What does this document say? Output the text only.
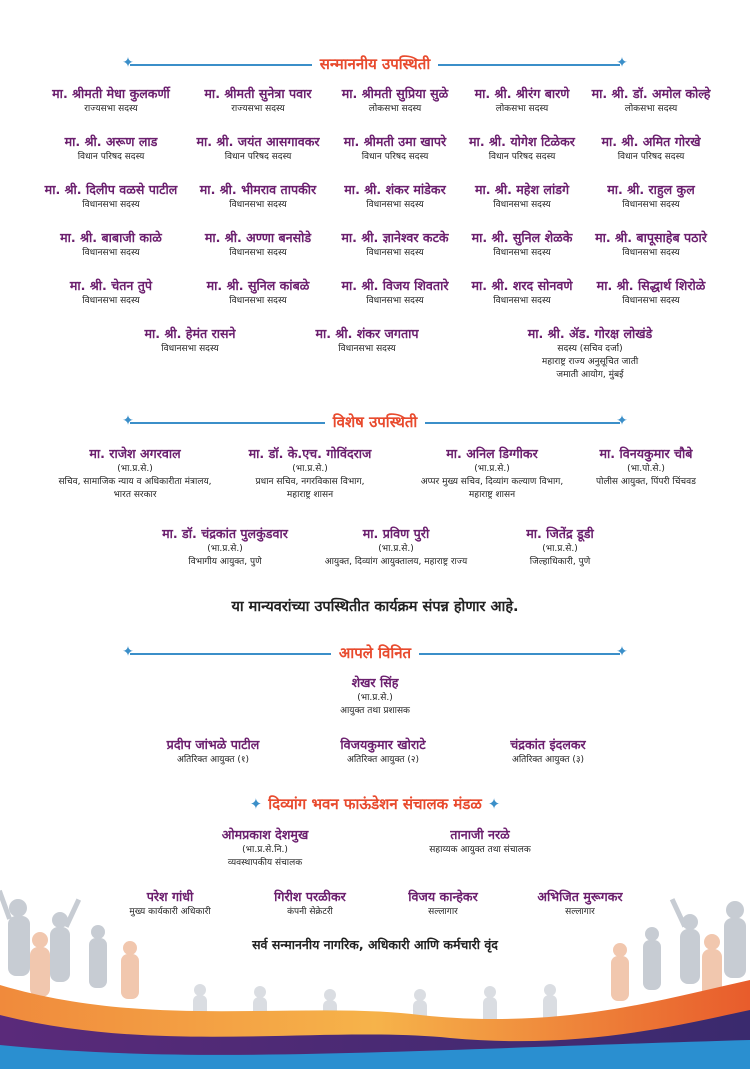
✦	✦
सन्माननीय उपस्थिती
✦	✦
विशेष उपस्थिती
✦	✦
आपले विनित
✦ दिव्यांग भवन फाऊंडेशन संचालक मंडळ ✦
मा. श्रीमती मेधा कुलकर्णी
राज्यसभा सदस्य
मा. श्रीमती सुनेत्रा पवार
राज्यसभा सदस्य
मा. श्रीमती सुप्रिया सुळे
लोकसभा सदस्य
मा. श्री. श्रीरंग बारणे
लोकसभा सदस्य
मा. श्री. डॉ. अमोल कोल्हे
लोकसभा सदस्य
मा. श्री. अरूण लाड
विधान परिषद सदस्य
मा. श्री. जयंत आसगावकर
विधान परिषद सदस्य
मा. श्रीमती उमा खापरे
विधान परिषद सदस्य
मा. श्री. योगेश टिळेकर
विधान परिषद सदस्य
मा. श्री. अमित गोरखे
विधान परिषद सदस्य
मा. श्री. दिलीप वळसे पाटील
विधानसभा सदस्य
मा. श्री. भीमराव तापकीर
विधानसभा सदस्य
मा. श्री. शंकर मांडेकर
विधानसभा सदस्य
मा. श्री. महेश लांडगे
विधानसभा सदस्य
मा. श्री. राहुल कुल
विधानसभा सदस्य
मा. श्री. बाबाजी काळे
विधानसभा सदस्य
मा. श्री. अण्णा बनसोडे
विधानसभा सदस्य
मा. श्री. ज्ञानेश्वर कटके
विधानसभा सदस्य
मा. श्री. सुनिल शेळके
विधानसभा सदस्य
मा. श्री. बापूसाहेब पठारे
विधानसभा सदस्य
मा. श्री. चेतन तुपे
विधानसभा सदस्य
मा. श्री. सुनिल कांबळे
विधानसभा सदस्य
मा. श्री. विजय शिवतारे
विधानसभा सदस्य
मा. श्री. शरद सोनवणे
विधानसभा सदस्य
मा. श्री. सिद्धार्थ शिरोळे
विधानसभा सदस्य
मा. श्री. हेमंत रासने
विधानसभा सदस्य
मा. श्री. शंकर जगताप
विधानसभा सदस्य
मा. श्री. ॲड. गोरक्ष लोखंडे
सदस्य (सचिव दर्जा)
महाराष्ट्र राज्य अनुसूचित जाती
जमाती आयोग, मुंबई
मा. राजेश अगरवाल
(भा.प्र.से.)
सचिव, सामाजिक न्याय व अधिकारीता मंत्रालय,
भारत सरकार
मा. डॉ. के.एच. गोविंदराज
(भा.प्र.से.)
प्रधान सचिव, नगरविकास विभाग,
महाराष्ट्र शासन
मा. अनिल डिग्गीकर
(भा.प्र.से.)
अप्पर मुख्य सचिव, दिव्यांग कल्याण विभाग,
महाराष्ट्र शासन
मा. विनयकुमार चौबे
(भा.पो.से.)
पोलीस आयुक्त, पिंपरी चिंचवड
मा. डॉ. चंद्रकांत पुलकुंडवार
(भा.प्र.से.)
विभागीय आयुक्त, पुणे
मा. प्रविण पुरी
(भा.प्र.से.)
आयुक्त, दिव्यांग आयुक्तालय, महाराष्ट्र राज्य
मा. जितेंद्र डूडी
(भा.प्र.से.)
जिल्हाधिकारी, पुणे
या मान्यवरांच्या उपस्थितीत कार्यक्रम संपन्न होणार आहे.
शेखर सिंह
(भा.प्र.से.)
आयुक्त तथा प्रशासक
प्रदीप जांभळे पाटील
अतिरिक्त आयुक्त (१)
विजयकुमार खोराटे
अतिरिक्त आयुक्त (२)
चंद्रकांत इंदलकर
अतिरिक्त आयुक्त (३)
ओमप्रकाश देशमुख
(भा.प्र.से.नि.)
व्यवस्थापकीय संचालक
तानाजी नरळे
सहाय्यक आयुक्त तथा संचालक
परेश गांधी
मुख्य कार्यकारी अधिकारी
गिरीश परळीकर
कंपनी सेक्रेटरी
विजय कान्हेकर
सल्लागार
अभिजित मुरूगकर
सल्लागार
सर्व सन्माननीय नागरिक, अधिकारी आणि कर्मचारी वृंद
